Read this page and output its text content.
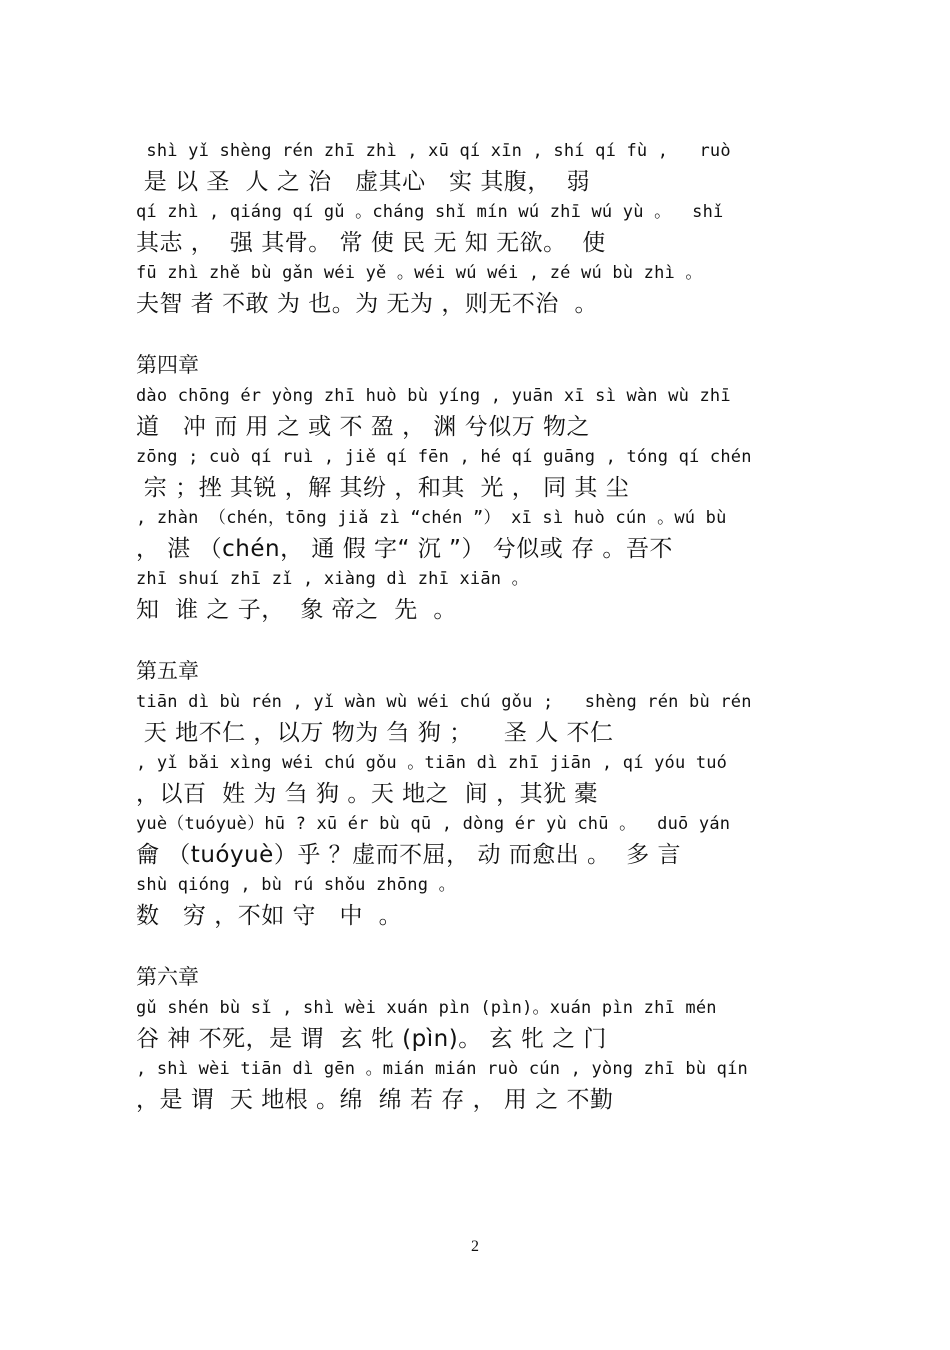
shì yǐ shèng rén zhī zhì , xū qí xīn , shí qí fù ,   ruò
是 以 圣  人 之 治   虚其心   实 其腹，  弱
qí zhì , qiáng qí gǔ 。cháng shǐ mín wú zhī wú yù 。  shǐ
其志 ，  强 其骨。 常 使 民 无 知 无欲。  使
fū zhì zhě bù gǎn wéi yě 。wéi wú wéi , zé wú bù zhì 。
夫智 者 不敢 为 也。为 无为 ，则无不治  。
第四章
dào chōng ér yòng zhī huò bù yíng , yuān xī sì wàn wù zhī
道   冲 而 用 之 或 不 盈 ， 渊 兮似万 物之
zōng ; cuò qí ruì , jiě qí fēn , hé qí guāng , tóng qí chén
宗 ；挫 其锐 ，解 其纷 ，和其  光 ， 同 其 尘
, zhàn （chén，tōng jiǎ zì “chén ”） xī sì huò cún 。wú bù
， 湛 （chén， 通 假 字“ 沉 ”） 兮似或 存 。吾不
zhī shuí zhī zǐ , xiàng dì zhī xiān 。
知  谁 之 子，  象 帝之  先  。
第五章
tiān dì bù rén , yǐ wàn wù wéi chú gǒu ;   shèng rén bù rén
天 地不仁 ，以万 物为 刍 狗 ；    圣 人 不仁
, yǐ bǎi xìng wéi chú gǒu 。tiān dì zhī jiān , qí yóu tuó
，以百  姓 为 刍 狗 。天 地之  间 ，其犹 橐
yuè（tuóyuè）hū ? xū ér bù qū , dòng ér yù chū 。  duō yán
龠 （tuóyuè）乎 ？虚而不屈， 动 而愈出 。  多 言
shù qióng , bù rú shǒu zhōng 。
数   穷 ，不如 守   中  。
第六章
gǔ shén bù sǐ , shì wèi xuán pìn (pìn)。xuán pìn zhī mén
谷 神 不死，是 谓  玄 牝 (pìn)。 玄 牝 之 门
, shì wèi tiān dì gēn 。mián mián ruò cún , yòng zhī bù qín
，是 谓  天 地根 。绵  绵 若 存 ， 用 之 不勤
2
